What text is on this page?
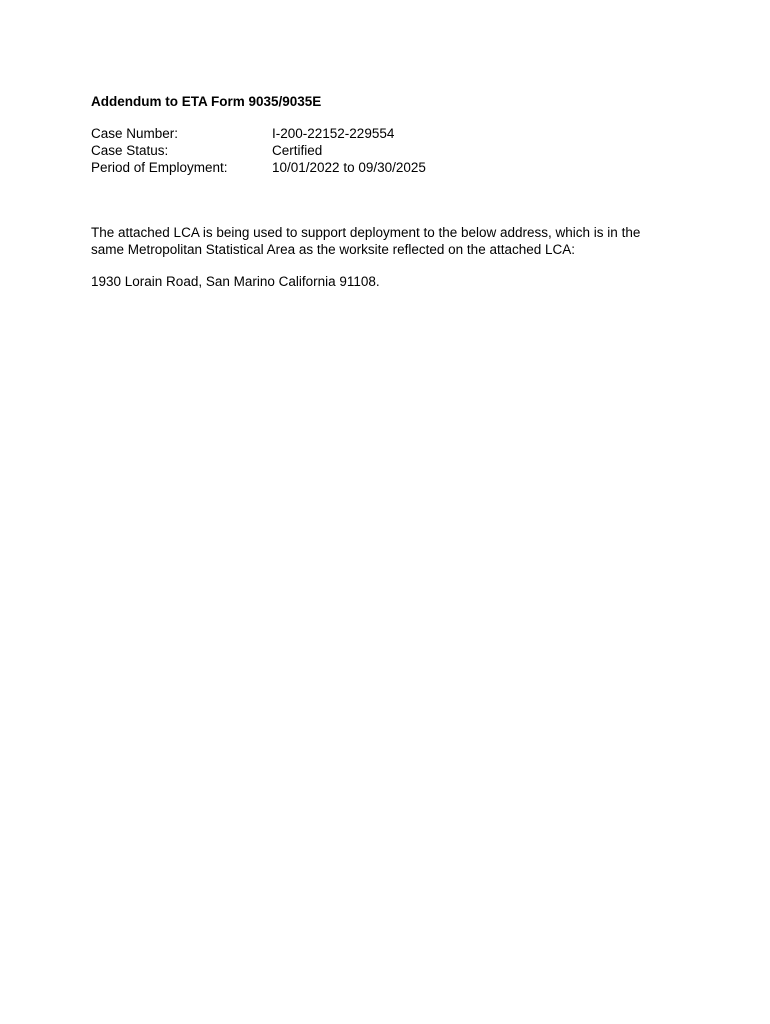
Addendum to ETA Form 9035/9035E
Case Number:	I-200-22152-229554
Case Status:	Certified
Period of Employment:	10/01/2022 to 09/30/2025
The attached LCA is being used to support deployment to the below address, which is in the same Metropolitan Statistical Area as the worksite reflected on the attached LCA:
1930 Lorain Road, San Marino California 91108.
